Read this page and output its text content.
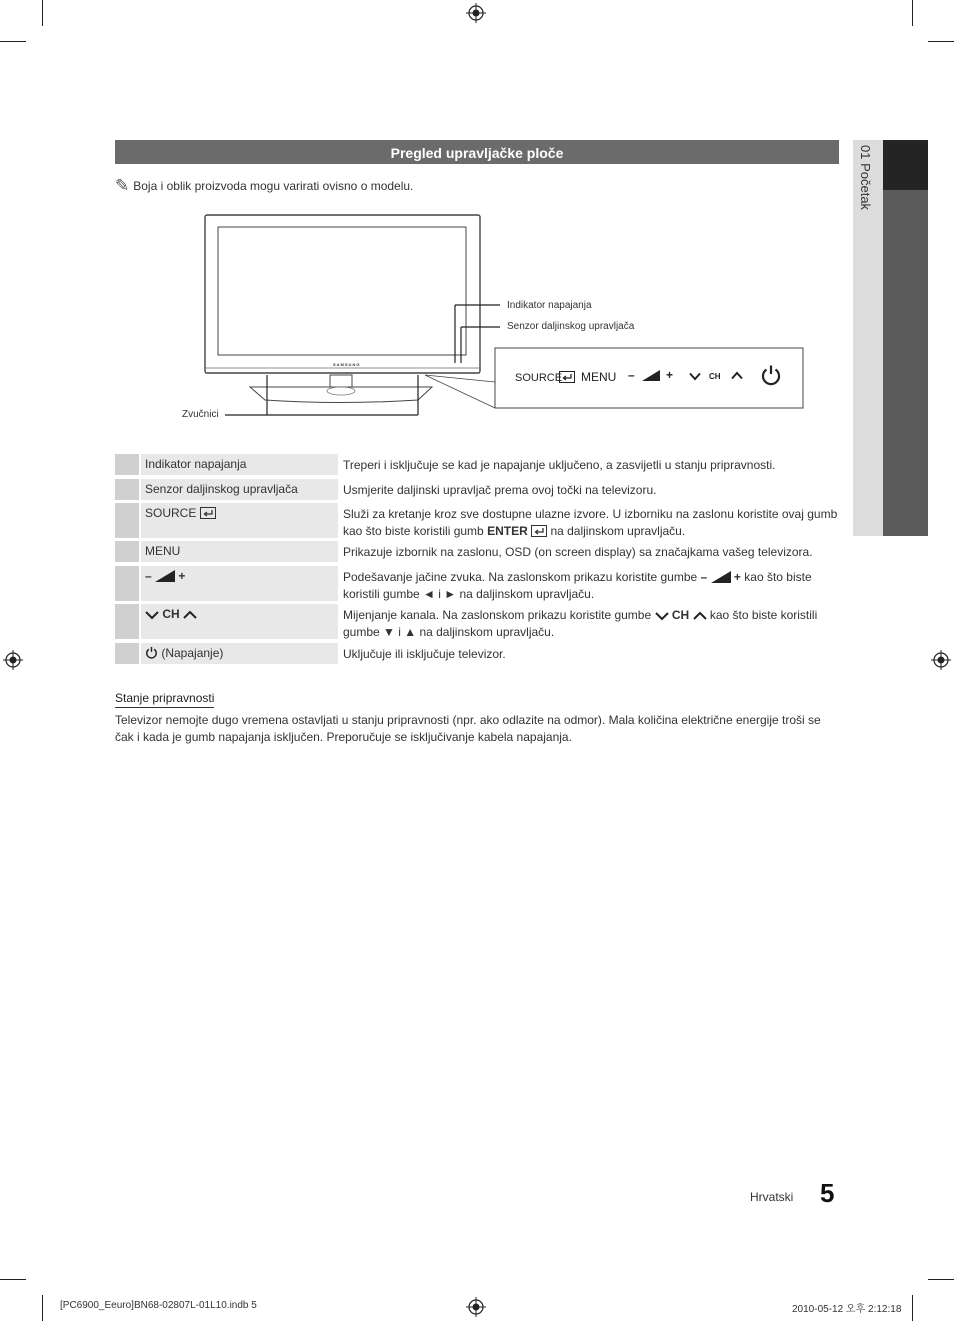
01 Početak
Pregled upravljačke ploče
✎ Boja i oblik proizvoda mogu varirati ovisno o modelu.
SAMSUNG
Indikator napajanja
Senzor daljinskog upravljača
Zvučnici
SOURCE MENU –	+	CH
Indikator napajanja	Treperi i isključuje se kad je napajanje uključeno, a zasvijetli u stanju pripravnosti.
Senzor daljinskog upravljača	Usmjerite daljinski upravljač prema ovoj točki na televizoru.
SOURCE	Služi za kretanje kroz sve dostupne ulazne izvore. U izborniku na zaslonu koristite ovaj gumb kao što biste koristili gumb ENTER na daljinskom upravljaču.
MENU	Prikazuje izbornik na zaslonu, OSD (on screen display) sa značajkama vašeg televizora.
– +	Podešavanje jačine zvuka. Na zaslonskom prikazu koristite gumbe – + kao što biste koristili gumbe ◄ i ► na daljinskom upravljaču.
CH	Mijenjanje kanala. Na zaslonskom prikazu koristite gumbe CH kao što biste koristili gumbe ▼ i ▲ na daljinskom upravljaču.
(Napajanje)	Uključuje ili isključuje televizor.
Stanje pripravnosti
Televizor nemojte dugo vremena ostavljati u stanju pripravnosti (npr. ako odlazite na odmor). Mala količina električne energije troši se čak i kada je gumb napajanja isključen. Preporučuje se isključivanje kabela napajanja.
Hrvatski 5
[PC6900_Eeuro]BN68-02807L-01L10.indb 5	2010-05-12 오후 2:12:18
